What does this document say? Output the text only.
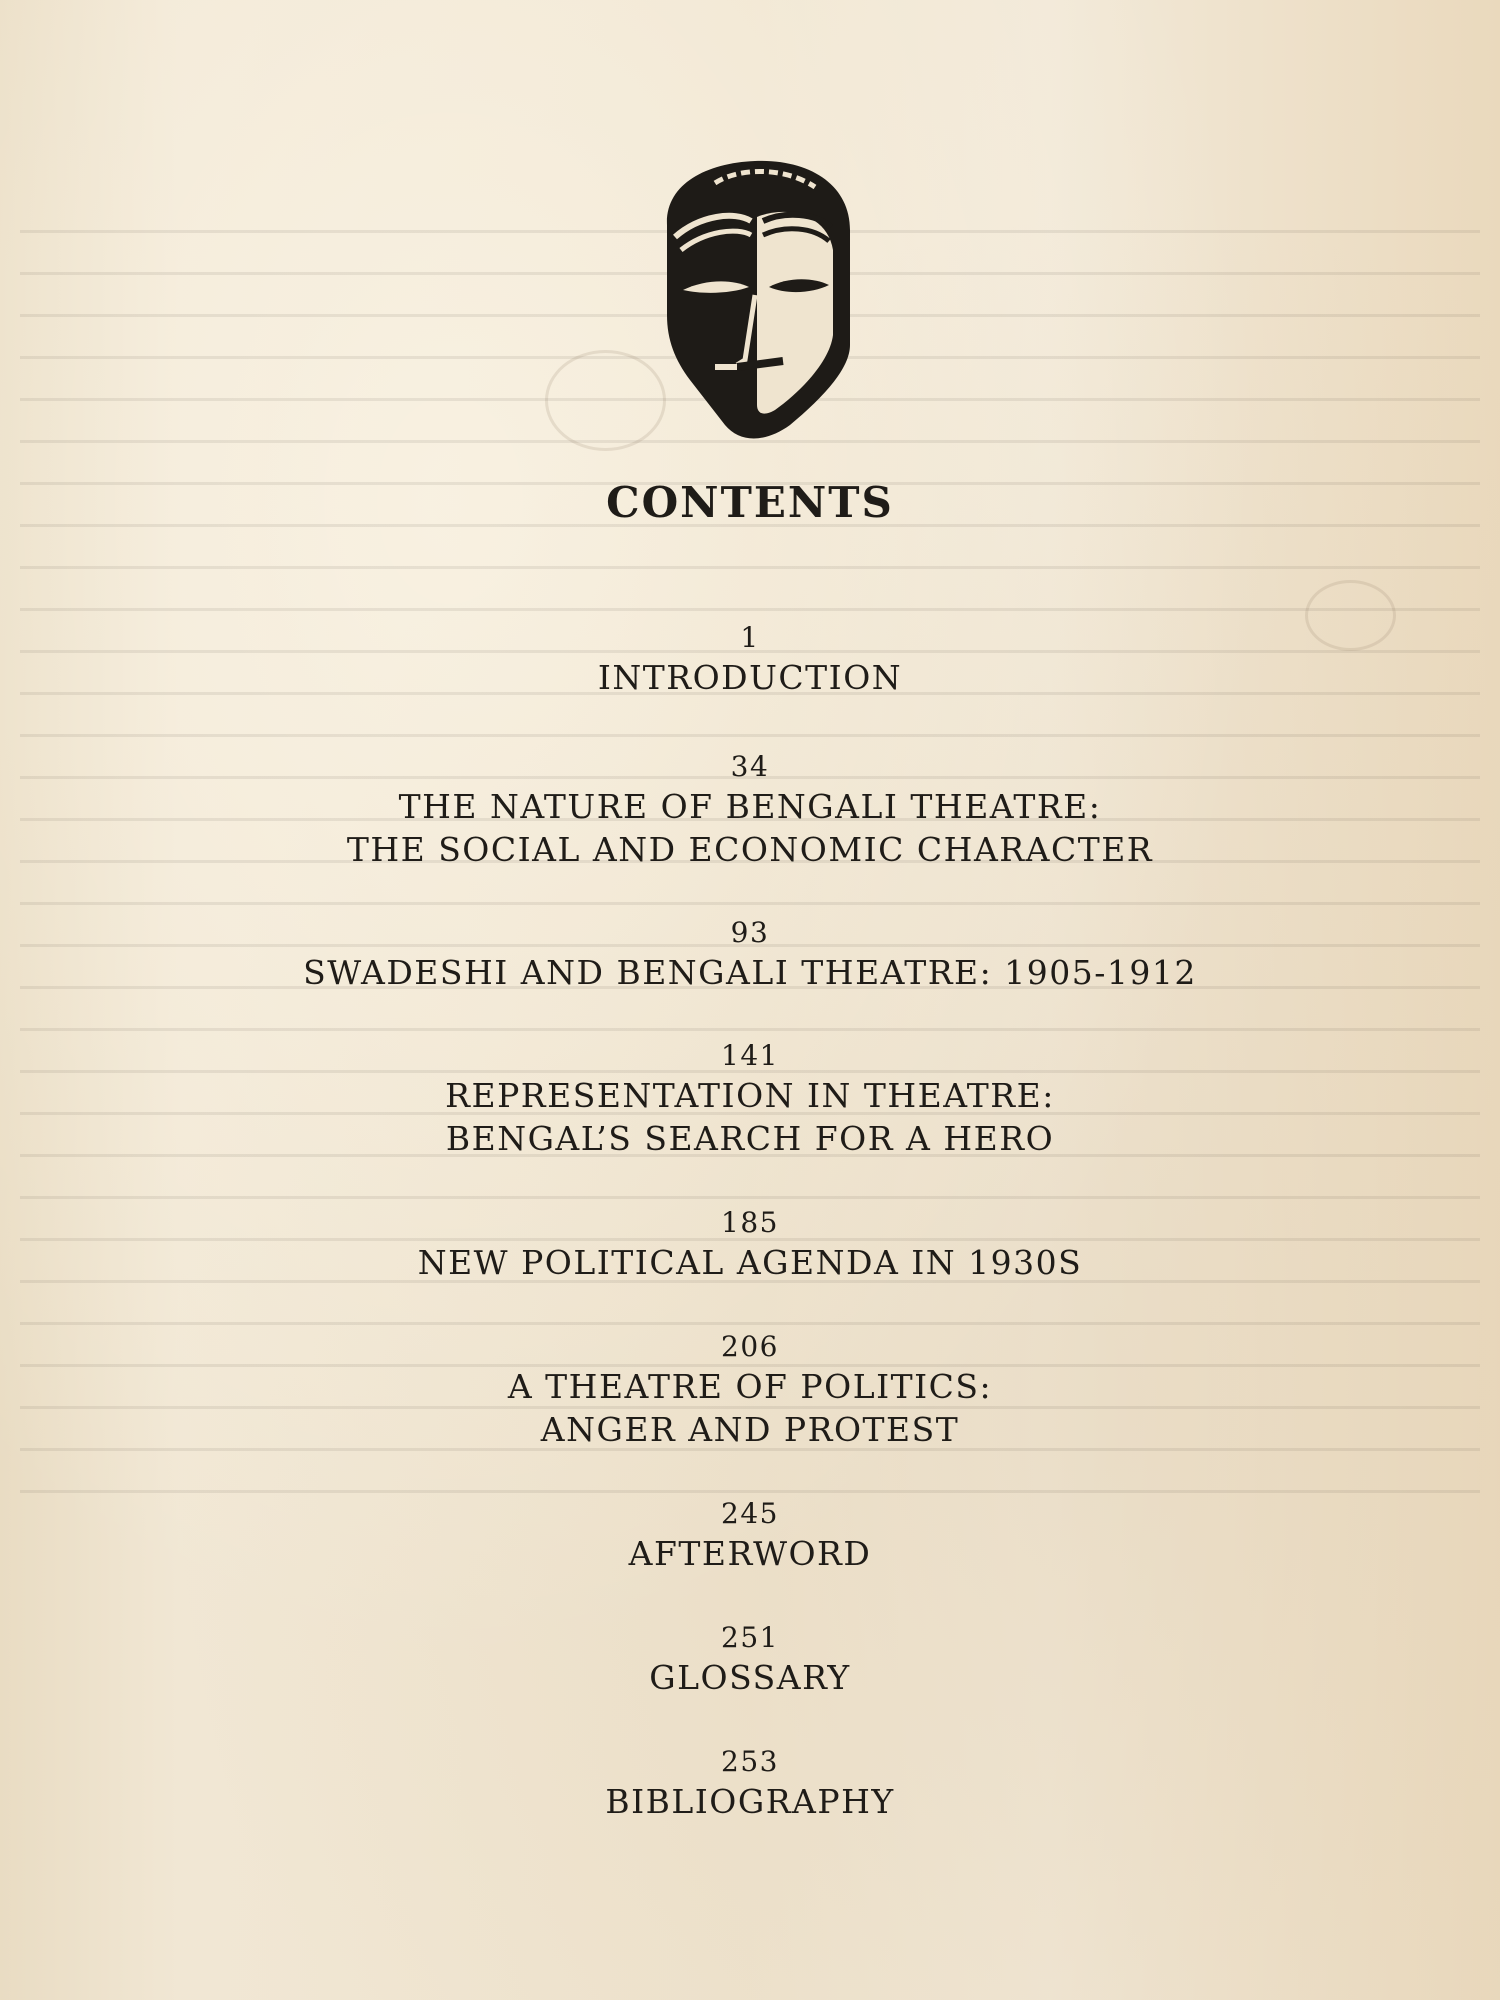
CONTENTS
1
INTRODUCTION
34
THE NATURE OF BENGALI THEATRE:
THE SOCIAL AND ECONOMIC CHARACTER
93
SWADESHI AND BENGALI THEATRE: 1905-1912
141
REPRESENTATION IN THEATRE:
BENGAL’S SEARCH FOR A HERO
185
NEW POLITICAL AGENDA IN 1930S
206
A THEATRE OF POLITICS:
ANGER AND PROTEST
245
AFTERWORD
251
GLOSSARY
253
BIBLIOGRAPHY
